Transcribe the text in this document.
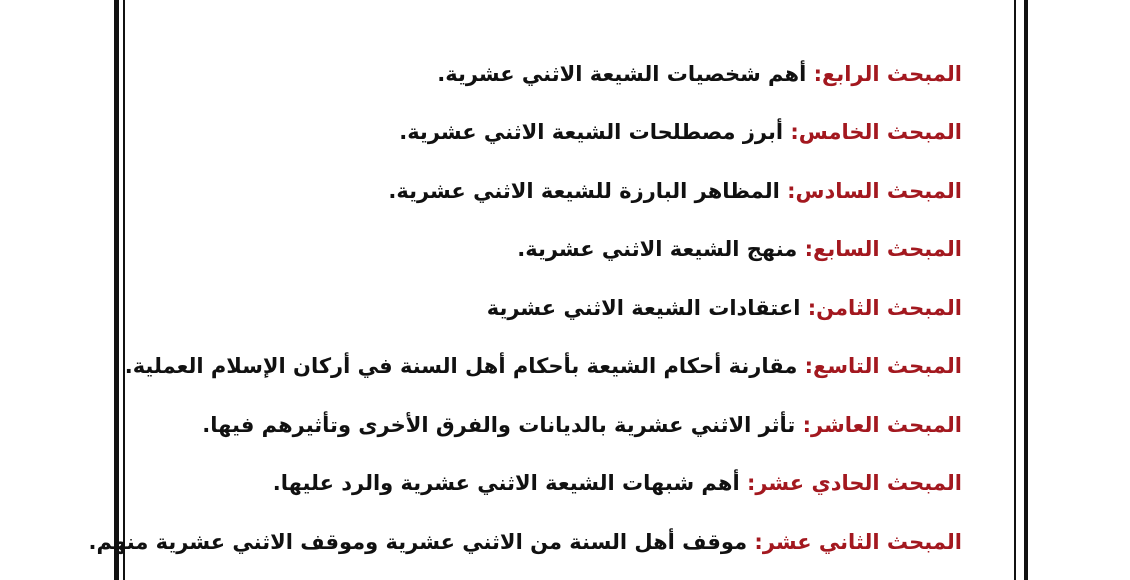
المبحث الرابع: أهم شخصيات الشيعة الاثني عشرية.
المبحث الخامس: أبرز مصطلحات الشيعة الاثني عشرية.
المبحث السادس: المظاهر البارزة للشيعة الاثني عشرية.
المبحث السابع: منهج الشيعة الاثني عشرية.
المبحث الثامن: اعتقادات الشيعة الاثني عشرية
المبحث التاسع: مقارنة أحكام الشيعة بأحكام أهل السنة في أركان الإسلام العملية.
المبحث العاشر: تأثر الاثني عشرية بالديانات والفرق الأخرى وتأثيرهم فيها.
المبحث الحادي عشر: أهم شبهات الشيعة الاثني عشرية والرد عليها.
المبحث الثاني عشر: موقف أهل السنة من الاثني عشرية وموقف الاثني عشرية منهم.
